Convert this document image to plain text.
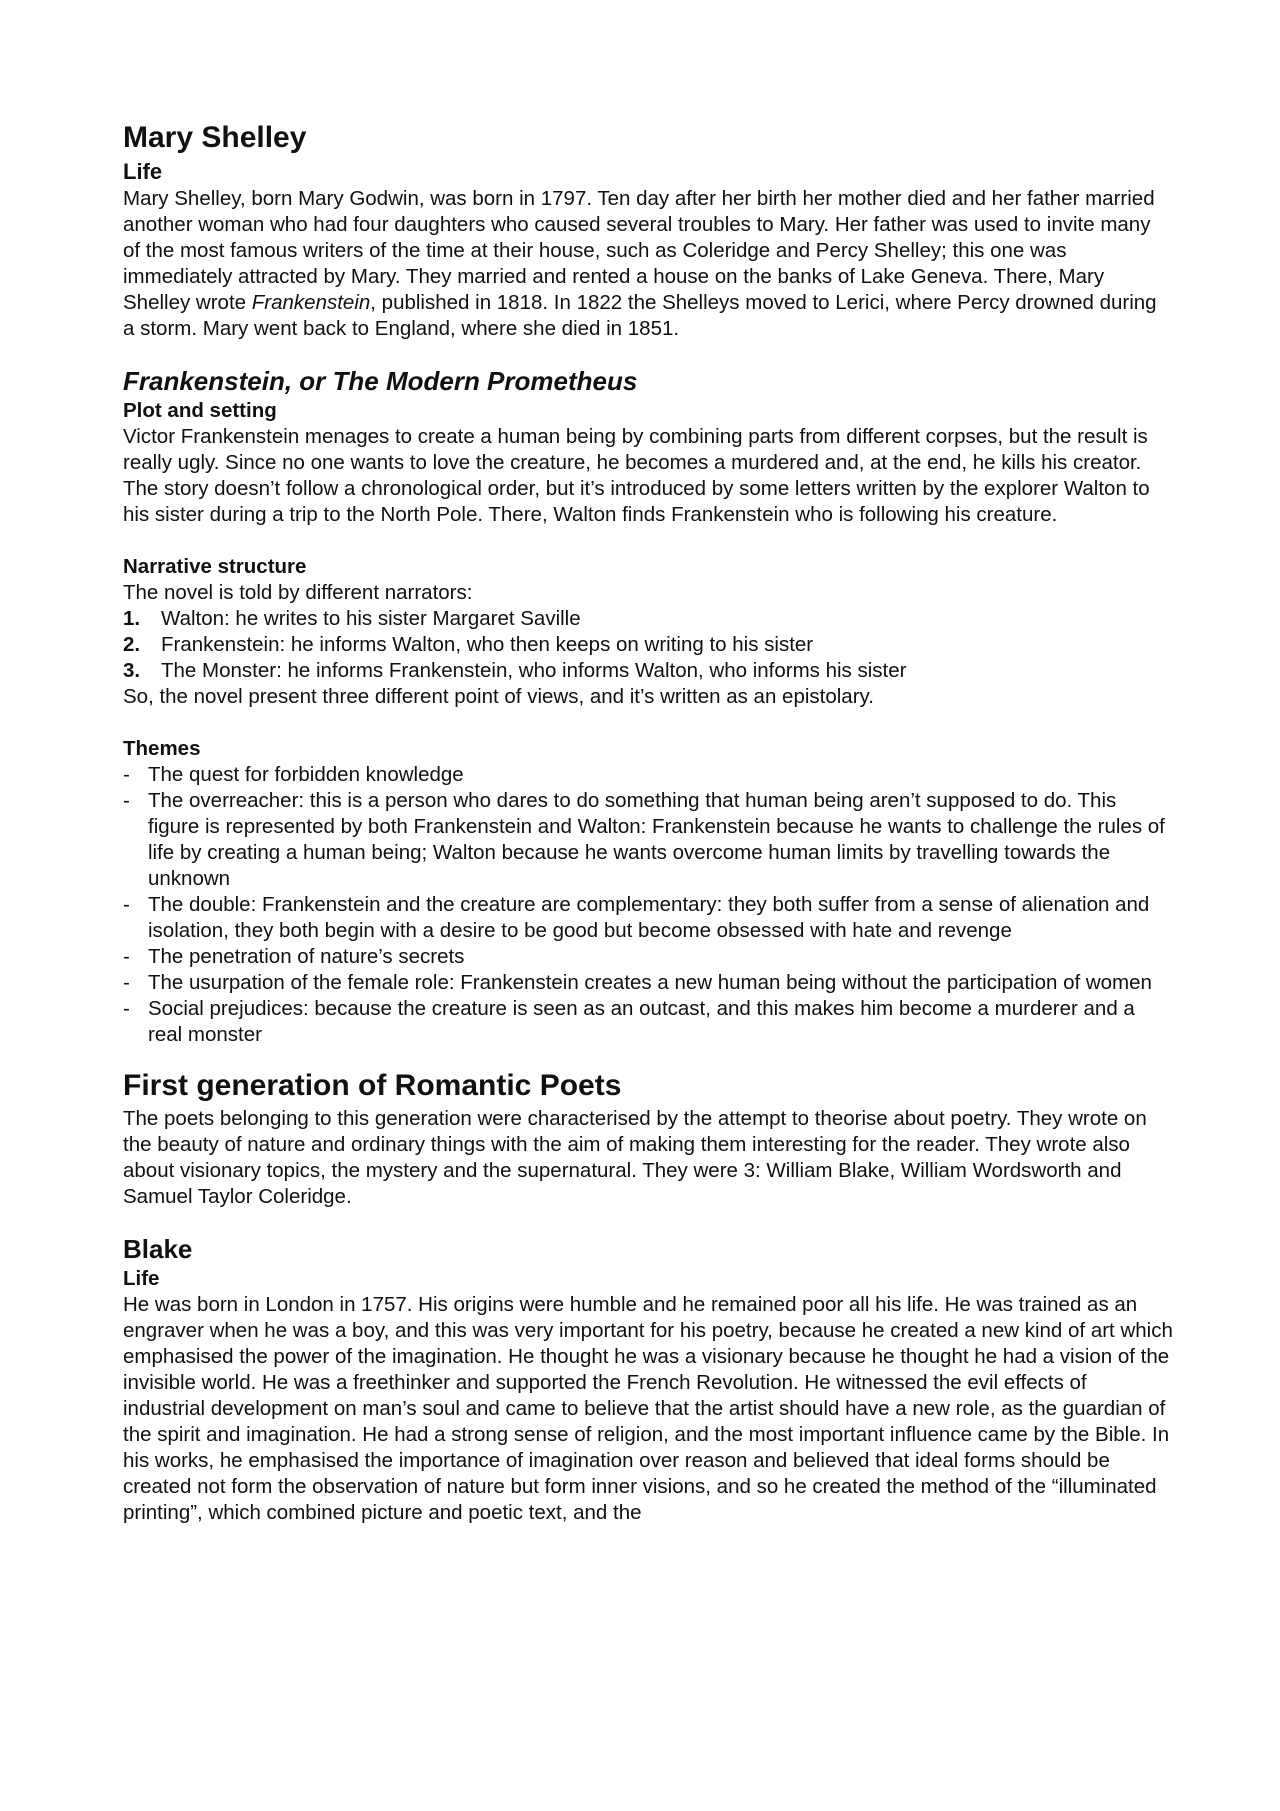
Mary Shelley
Life

Mary Shelley, born Mary Godwin, was born in 1797. Ten day after her birth her mother died and her father married another woman who had four daughters who caused several troubles to Mary. Her father was used to invite many of the most famous writers of the time at their house, such as Coleridge and Percy Shelley; this one was immediately attracted by Mary. They married and rented a house on the banks of Lake Geneva. There, Mary Shelley wrote Frankenstein, published in 1818. In 1822 the Shelleys moved to Lerici, where Percy drowned during a storm. Mary went back to England, where she died in 1851.

Frankenstein, or The Modern Prometheus
Plot and setting

Victor Frankenstein menages to create a human being by combining parts from different corpses, but the result is really ugly. Since no one wants to love the creature, he becomes a murdered and, at the end, he kills his creator. The story doesn’t follow a chronological order, but it’s introduced by some letters written by the explorer Walton to his sister during a trip to the North Pole. There, Walton finds Frankenstein who is following his creature.

Narrative structure

The novel is told by different narrators:

1. Walton: he writes to his sister Margaret Saville
2. Frankenstein: he informs Walton, who then keeps on writing to his sister
3. The Monster: he informs Frankenstein, who informs Walton, who informs his sister

So, the novel present three different point of views, and it’s written as an epistolary.

Themes
- The quest for forbidden knowledge
- The overreacher: this is a person who dares to do something that human being aren’t supposed to do. This figure is represented by both Frankenstein and Walton: Frankenstein because he wants to challenge the rules of life by creating a human being; Walton because he wants overcome human limits by travelling towards the unknown
- The double: Frankenstein and the creature are complementary: they both suffer from a sense of alienation and isolation, they both begin with a desire to be good but become obsessed with hate and revenge
- The penetration of nature’s secrets
- The usurpation of the female role: Frankenstein creates a new human being without the participation of women
- Social prejudices: because the creature is seen as an outcast, and this makes him become a murderer and a real monster
First generation of Romantic Poets

The poets belonging to this generation were characterised by the attempt to theorise about poetry. They wrote on the beauty of nature and ordinary things with the aim of making them interesting for the reader. They wrote also about visionary topics, the mystery and the supernatural. They were 3: William Blake, William Wordsworth and Samuel Taylor Coleridge.

Blake
Life

He was born in London in 1757. His origins were humble and he remained poor all his life. He was trained as an engraver when he was a boy, and this was very important for his poetry, because he created a new kind of art which emphasised the power of the imagination. He thought he was a visionary because he thought he had a vision of the invisible world. He was a freethinker and supported the French Revolution. He witnessed the evil effects of industrial development on man’s soul and came to believe that the artist should have a new role, as the guardian of the spirit and imagination. He had a strong sense of religion, and the most important influence came by the Bible. In his works, he emphasised the importance of imagination over reason and believed that ideal forms should be created not form the observation of nature but form inner visions, and so he created the method of the “illuminated printing”, which combined picture and poetic text, and the
